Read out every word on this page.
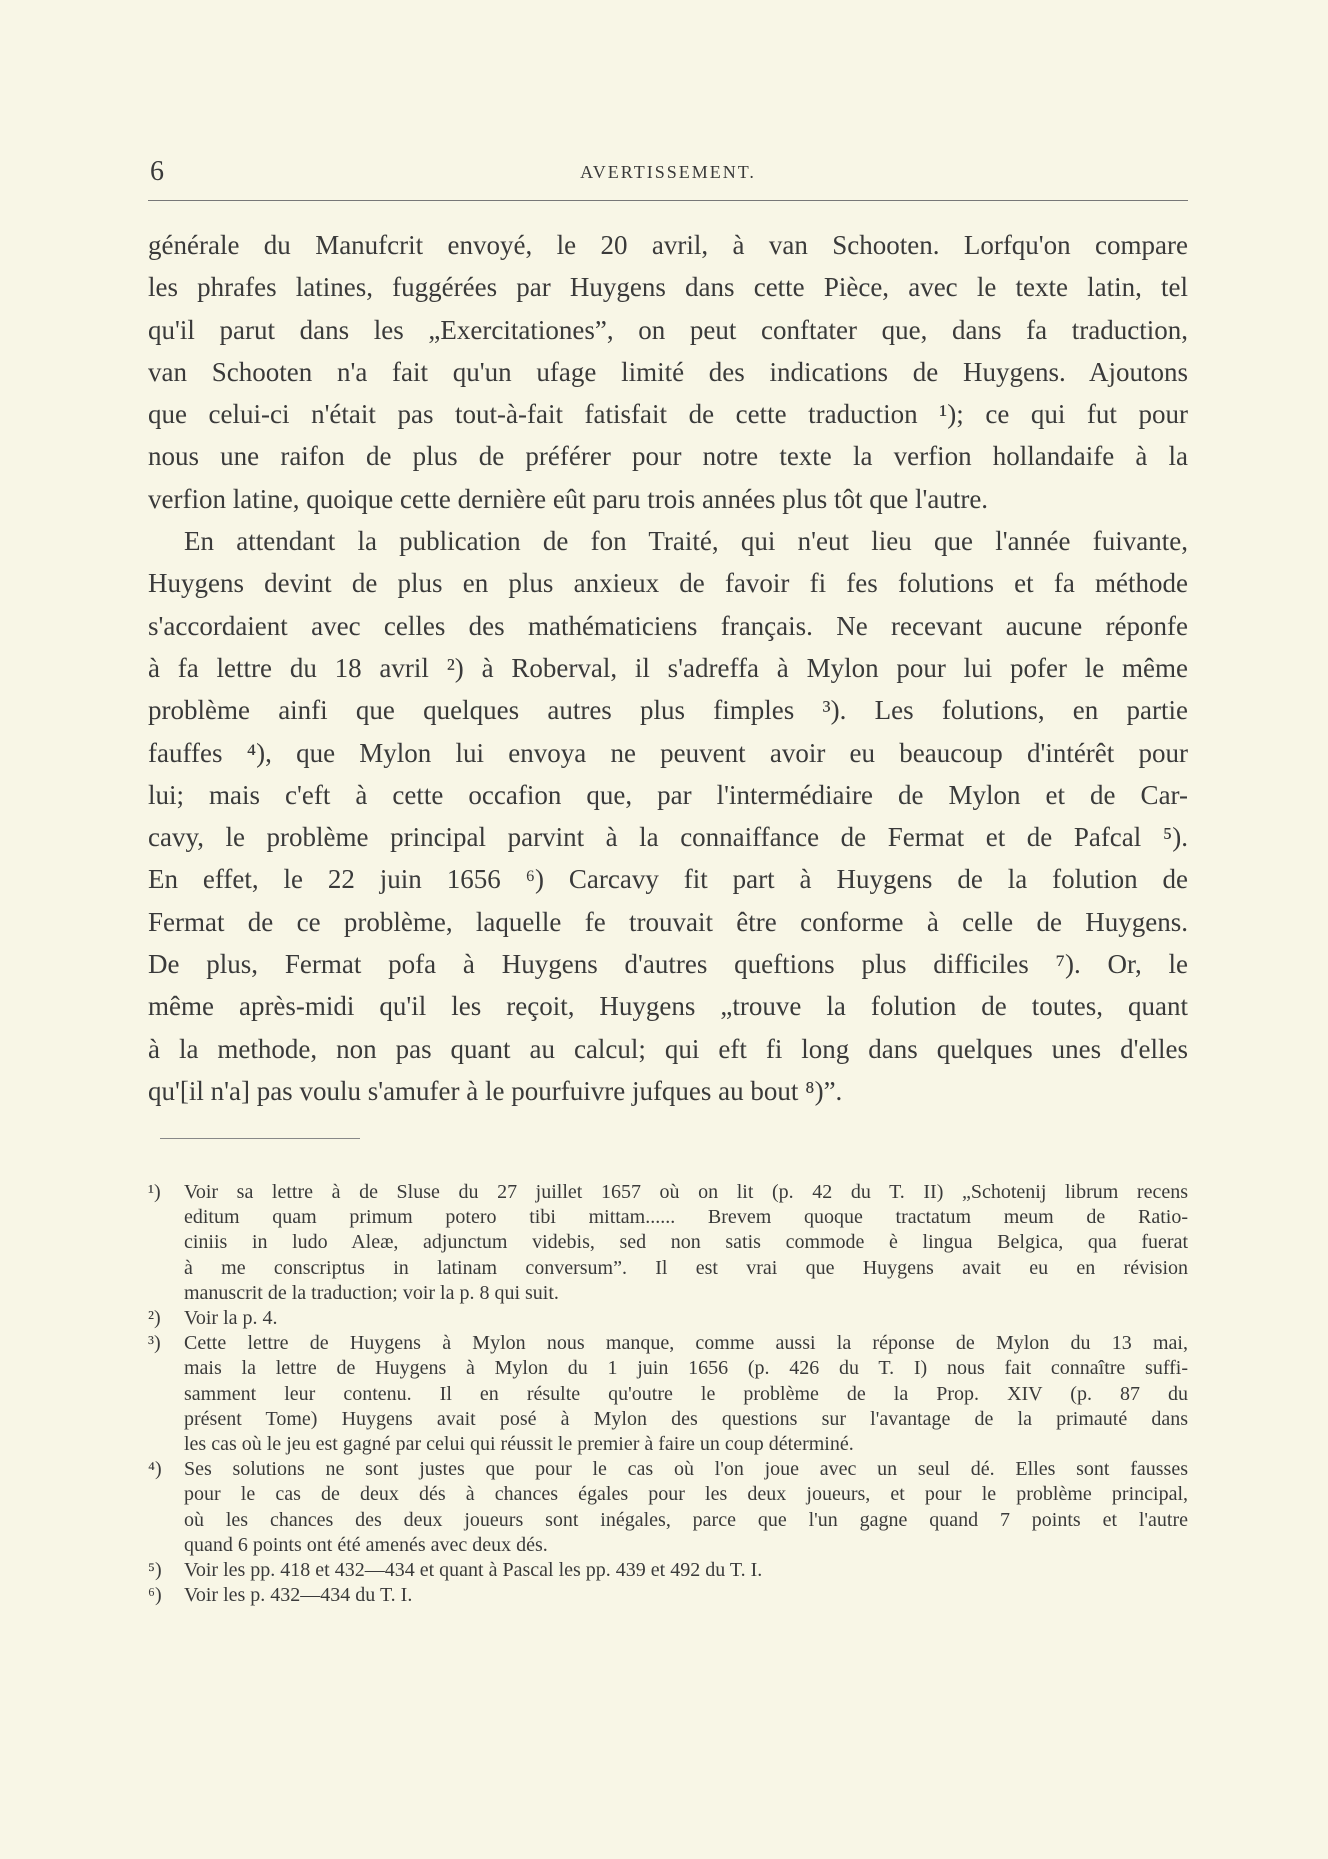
6	AVERTISSEMENT.
générale du Manufcrit envoyé, le 20 avril, à van Schooten. Lorfqu'on compare
les phrafes latines, fuggérées par Huygens dans cette Pièce, avec le texte latin, tel
qu'il parut dans les „Exercitationes”, on peut conftater que, dans fa traduction,
van Schooten n'a fait qu'un ufage limité des indications de Huygens. Ajoutons
que celui-ci n'était pas tout-à-fait fatisfait de cette traduction ¹); ce qui fut pour
nous une raifon de plus de préférer pour notre texte la verfion hollandaife à la
verfion latine, quoique cette dernière eût paru trois années plus tôt que l'autre.
En attendant la publication de fon Traité, qui n'eut lieu que l'année fuivante,
Huygens devint de plus en plus anxieux de favoir fi fes folutions et fa méthode
s'accordaient avec celles des mathématiciens français. Ne recevant aucune réponfe
à fa lettre du 18 avril ²) à Roberval, il s'adreffa à Mylon pour lui pofer le même
problème ainfi que quelques autres plus fimples ³). Les folutions, en partie
fauffes ⁴), que Mylon lui envoya ne peuvent avoir eu beaucoup d'intérêt pour
lui; mais c'eft à cette occafion que, par l'intermédiaire de Mylon et de Car-
cavy, le problème principal parvint à la connaiffance de Fermat et de Pafcal ⁵).
En effet, le 22 juin 1656 ⁶) Carcavy fit part à Huygens de la folution de
Fermat de ce problème, laquelle fe trouvait être conforme à celle de Huygens.
De plus, Fermat pofa à Huygens d'autres queftions plus difficiles ⁷). Or, le
même après-midi qu'il les reçoit, Huygens „trouve la folution de toutes, quant
à la methode, non pas quant au calcul; qui eft fi long dans quelques unes d'elles
qu'[il n'a] pas voulu s'amufer à le pourfuivre jufques au bout ⁸)”.
¹)	Voir sa lettre à de Sluse du 27 juillet 1657 où on lit (p. 42 du T. II) „Schotenij librum recens
editum quam primum potero tibi mittam...... Brevem quoque tractatum meum de Ratio-
ciniis in ludo Aleæ, adjunctum videbis, sed non satis commode è lingua Belgica, qua fuerat
à me conscriptus in latinam conversum”. Il est vrai que Huygens avait eu en révision
manuscrit de la traduction; voir la p. 8 qui suit.
²)	Voir la p. 4.
³)	Cette lettre de Huygens à Mylon nous manque, comme aussi la réponse de Mylon du 13 mai,
mais la lettre de Huygens à Mylon du 1 juin 1656 (p. 426 du T. I) nous fait connaître suffi-
samment leur contenu. Il en résulte qu'outre le problème de la Prop. XIV (p. 87 du
présent Tome) Huygens avait posé à Mylon des questions sur l'avantage de la primauté dans
les cas où le jeu est gagné par celui qui réussit le premier à faire un coup déterminé.
⁴)	Ses solutions ne sont justes que pour le cas où l'on joue avec un seul dé. Elles sont fausses
pour le cas de deux dés à chances égales pour les deux joueurs, et pour le problème principal,
où les chances des deux joueurs sont inégales, parce que l'un gagne quand 7 points et l'autre
quand 6 points ont été amenés avec deux dés.
⁵)	Voir les pp. 418 et 432—434 et quant à Pascal les pp. 439 et 492 du T. I.
⁶)	Voir les p. 432—434 du T. I.
